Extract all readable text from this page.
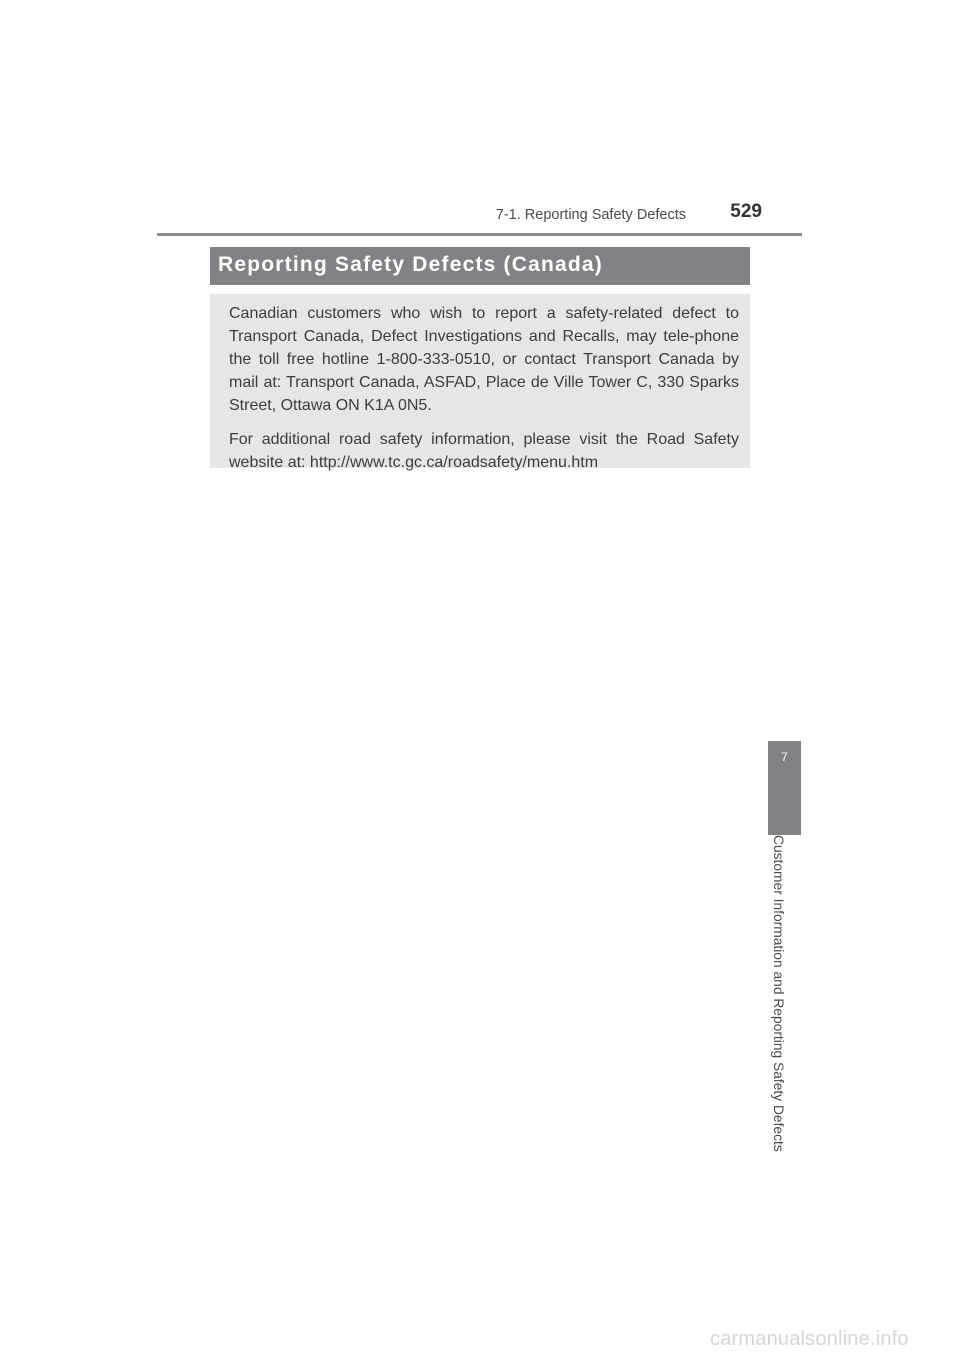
7-1. Reporting Safety Defects	529
Reporting Safety Defects (Canada)

Canadian customers who wish to report a safety-related defect to Transport Canada, Defect Investigations and Recalls, may tele-phone the toll free hotline 1-800-333-0510, or contact Transport Canada by mail at: Transport Canada, ASFAD, Place de Ville Tower C, 330 Sparks Street, Ottawa ON K1A 0N5.

For additional road safety information, please visit the Road Safety website at: http://www.tc.gc.ca/roadsafety/menu.htm

7
Customer Information and Reporting Safety Defects
carmanualsonline.info
